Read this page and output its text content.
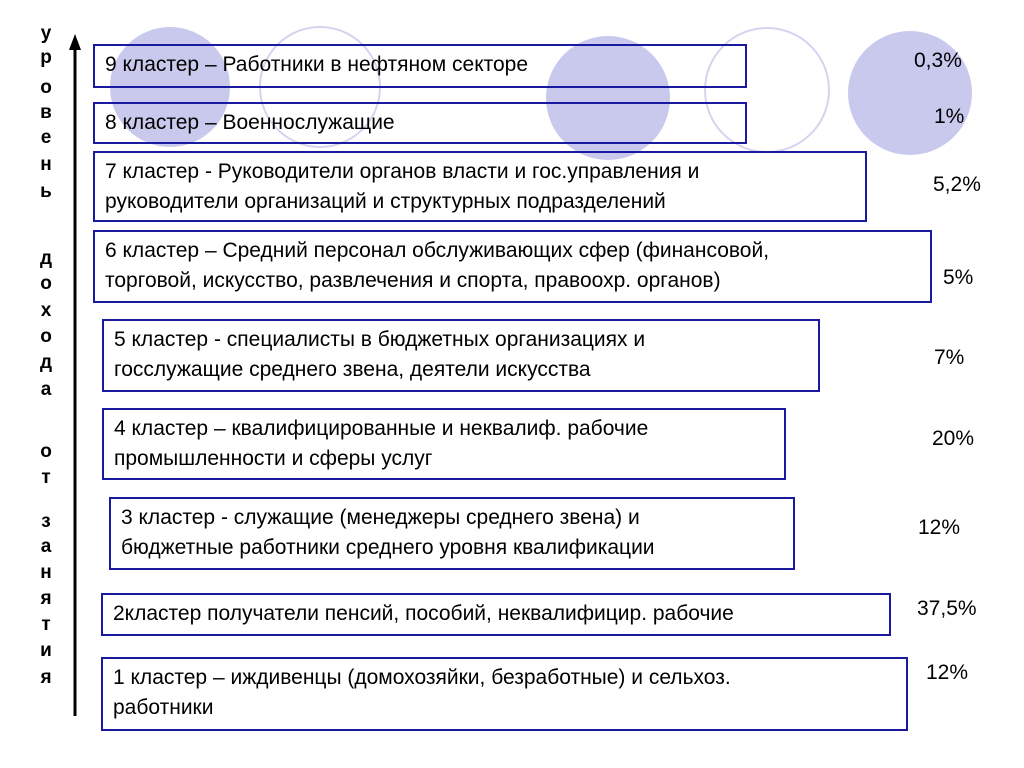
у
р
о
в
е
н
ь
д
о
х
о
д
а
о
т
з
а
н
я
т
и
я
9 кластер – Работники в нефтяном секторе	0,3%
8 кластер – Военнослужащие	1%
7 кластер - Руководители органов власти и гос.управления и
руководители организаций и структурных подразделений
5,2%
6 кластер – Средний персонал обслуживающих сфер (финансовой,
торговой, искусство, развлечения и спорта, правоохр. органов)	5%
5 кластер - специалисты в бюджетных организациях и
госслужащие среднего звена, деятели искусства
7%
4 кластер – квалифицированные и неквалиф. рабочие
промышленности и сферы услуг
20%
3 кластер - служащие (менеджеры среднего звена) и
бюджетные работники среднего уровня квалификации
12%
2кластер получатели пенсий, пособий, неквалифицир. рабочие	37,5%
1 кластер – иждивенцы (домохозяйки, безработные) и сельхоз.
работники
12%
